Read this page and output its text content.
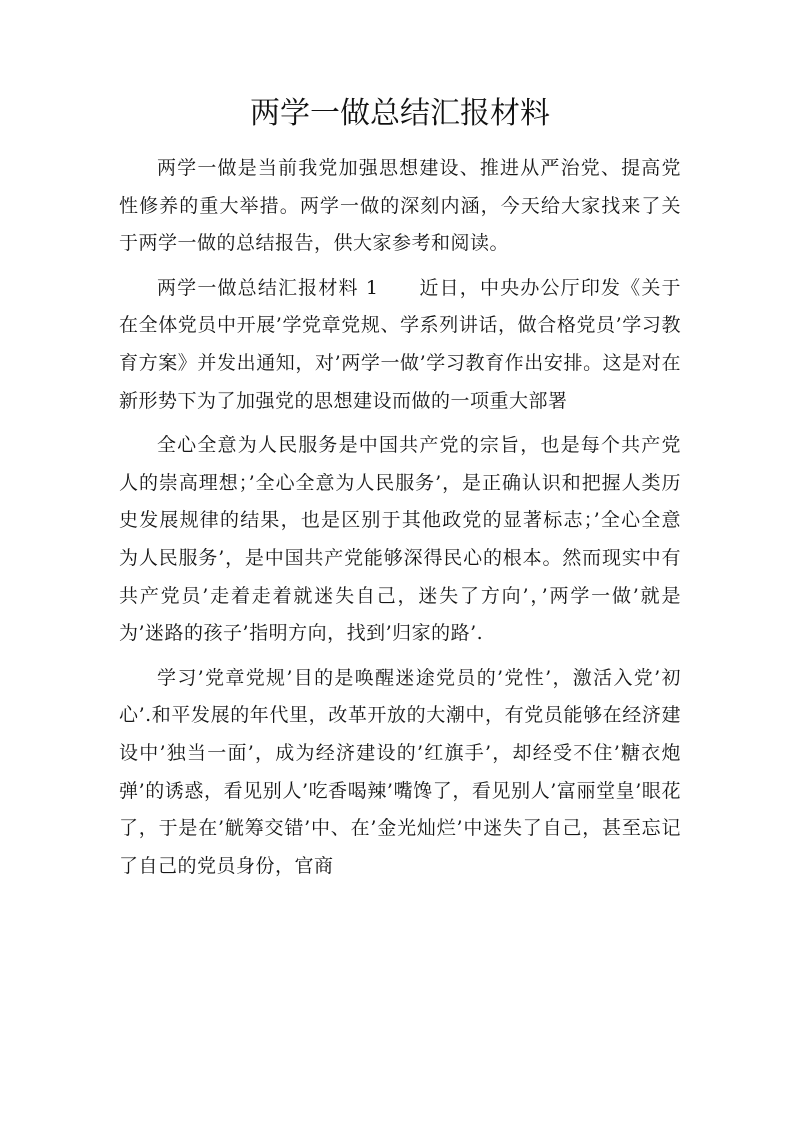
两学一做总结汇报材料

两学一做是当前我党加强思想建设、推进从严治党、提高党性修养的重大举措。两学一做的深刻内涵，今天给大家找来了关于两学一做的总结报告，供大家参考和阅读。

两学一做总结汇报材料 1　　近日，中央办公厅印发《关于在全体党员中开展’学党章党规、学系列讲话，做合格党员’学习教育方案》并发出通知，对’两学一做’学习教育作出安排。这是对在新形势下为了加强党的思想建设而做的一项重大部署

全心全意为人民服务是中国共产党的宗旨，也是每个共产党人的崇高理想；’全心全意为人民服务’，是正确认识和把握人类历史发展规律的结果，也是区别于其他政党的显著标志；’全心全意为人民服务’，是中国共产党能够深得民心的根本。然而现实中有共产党员’走着走着就迷失自己，迷失了方向’，’两学一做’就是为’迷路的孩子’指明方向，找到’归家的路’.

学习’党章党规’目的是唤醒迷途党员的’党性’，激活入党’初心’.和平发展的年代里，改革开放的大潮中，有党员能够在经济建设中’独当一面’，成为经济建设的’红旗手’，却经受不住’糖衣炮弹’的诱惑，看见别人’吃香喝辣’嘴馋了，看见别人’富丽堂皇’眼花了，于是在’觥筹交错’中、在’金光灿烂’中迷失了自己，甚至忘记了自己的党员身份，官商
